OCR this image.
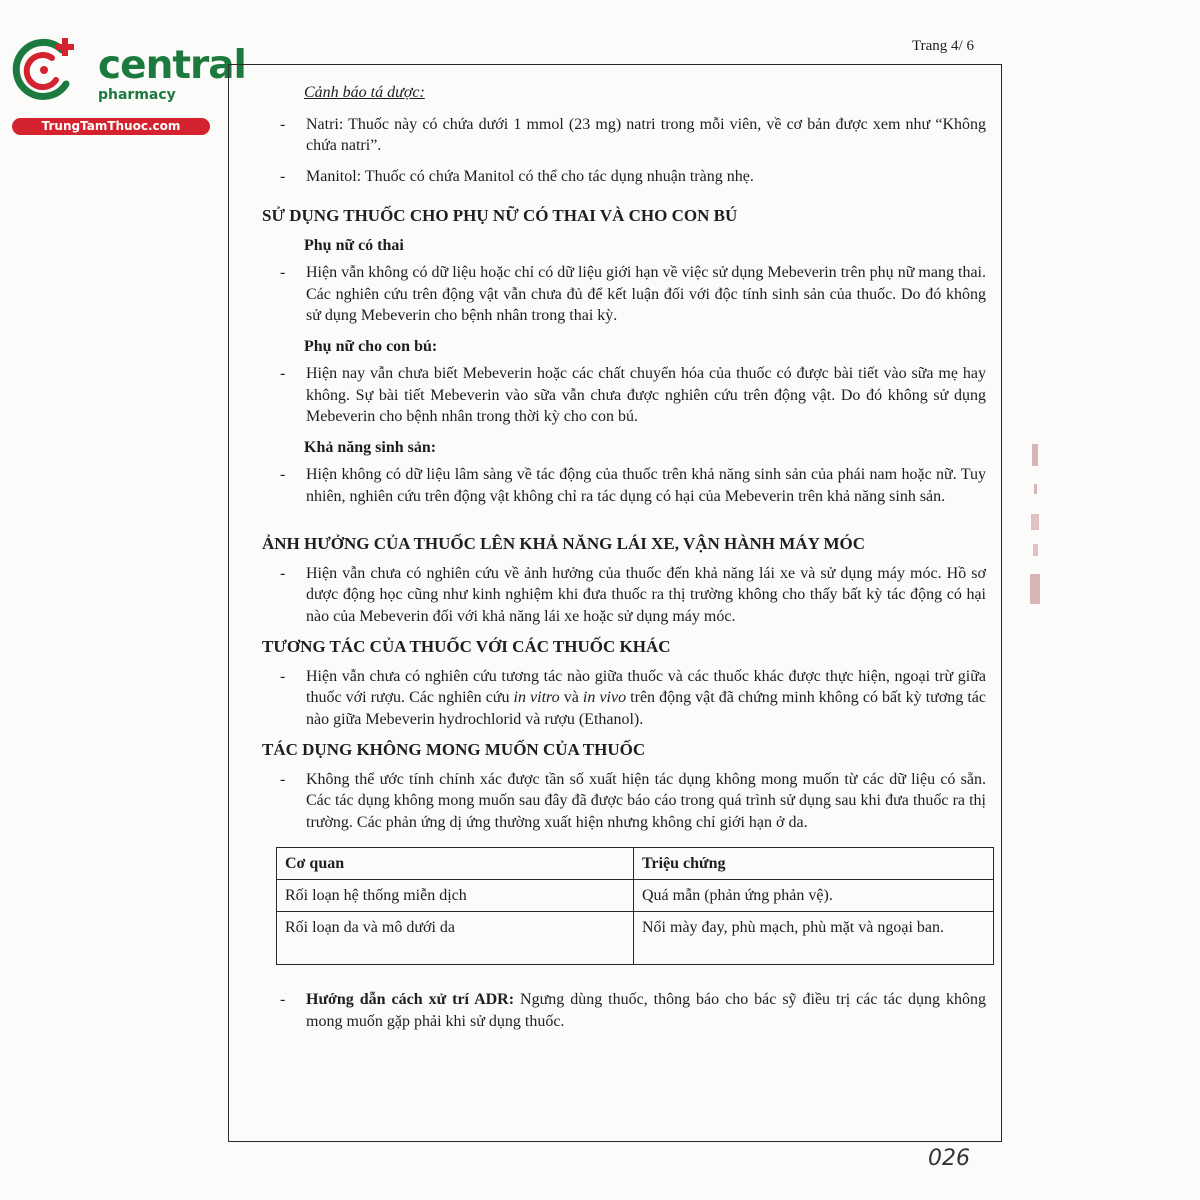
central
pharmacy
TrungTamThuoc.com
Trang 4/ 6
Cảnh báo tá dược:
- Natri: Thuốc này có chứa dưới 1 mmol (23 mg) natri trong mỗi viên, về cơ bản được xem như “Không chứa natri”.
- Manitol: Thuốc có chứa Manitol có thể cho tác dụng nhuận tràng nhẹ.
SỬ DỤNG THUỐC CHO PHỤ NỮ CÓ THAI VÀ CHO CON BÚ
Phụ nữ có thai
- Hiện vẫn không có dữ liệu hoặc chỉ có dữ liệu giới hạn về việc sử dụng Mebeverin trên phụ nữ mang thai. Các nghiên cứu trên động vật vẫn chưa đủ để kết luận đối với độc tính sinh sản của thuốc. Do đó không sử dụng Mebeverin cho bệnh nhân trong thai kỳ.
Phụ nữ cho con bú:
- Hiện nay vẫn chưa biết Mebeverin hoặc các chất chuyển hóa của thuốc có được bài tiết vào sữa mẹ hay không. Sự bài tiết Mebeverin vào sữa vẫn chưa được nghiên cứu trên động vật. Do đó không sử dụng Mebeverin cho bệnh nhân trong thời kỳ cho con bú.
Khả năng sinh sản:
- Hiện không có dữ liệu lâm sàng về tác động của thuốc trên khả năng sinh sản của phái nam hoặc nữ. Tuy nhiên, nghiên cứu trên động vật không chỉ ra tác dụng có hại của Mebeverin trên khả năng sinh sản.
ẢNH HƯỞNG CỦA THUỐC LÊN KHẢ NĂNG LÁI XE, VẬN HÀNH MÁY MÓC
- Hiện vẫn chưa có nghiên cứu về ảnh hưởng của thuốc đến khả năng lái xe và sử dụng máy móc. Hồ sơ dược động học cũng như kinh nghiệm khi đưa thuốc ra thị trường không cho thấy bất kỳ tác động có hại nào của Mebeverin đối với khả năng lái xe hoặc sử dụng máy móc.
TƯƠNG TÁC CỦA THUỐC VỚI CÁC THUỐC KHÁC
- Hiện vẫn chưa có nghiên cứu tương tác nào giữa thuốc và các thuốc khác được thực hiện, ngoại trừ giữa thuốc với rượu. Các nghiên cứu in vitro và in vivo trên động vật đã chứng minh không có bất kỳ tương tác nào giữa Mebeverin hydrochlorid và rượu (Ethanol).
TÁC DỤNG KHÔNG MONG MUỐN CỦA THUỐC
- Không thể ước tính chính xác được tần số xuất hiện tác dụng không mong muốn từ các dữ liệu có sẵn. Các tác dụng không mong muốn sau đây đã được báo cáo trong quá trình sử dụng sau khi đưa thuốc ra thị trường. Các phản ứng dị ứng thường xuất hiện nhưng không chỉ giới hạn ở da.
Cơ quan	Triệu chứng
Rối loạn hệ thống miễn dịch	Quá mẫn (phản ứng phản vệ).
Rối loạn da và mô dưới da	Nổi mày đay, phù mạch, phù mặt và ngoại ban.
- Hướng dẫn cách xử trí ADR: Ngưng dùng thuốc, thông báo cho bác sỹ điều trị các tác dụng không mong muốn gặp phải khi sử dụng thuốc.
026
